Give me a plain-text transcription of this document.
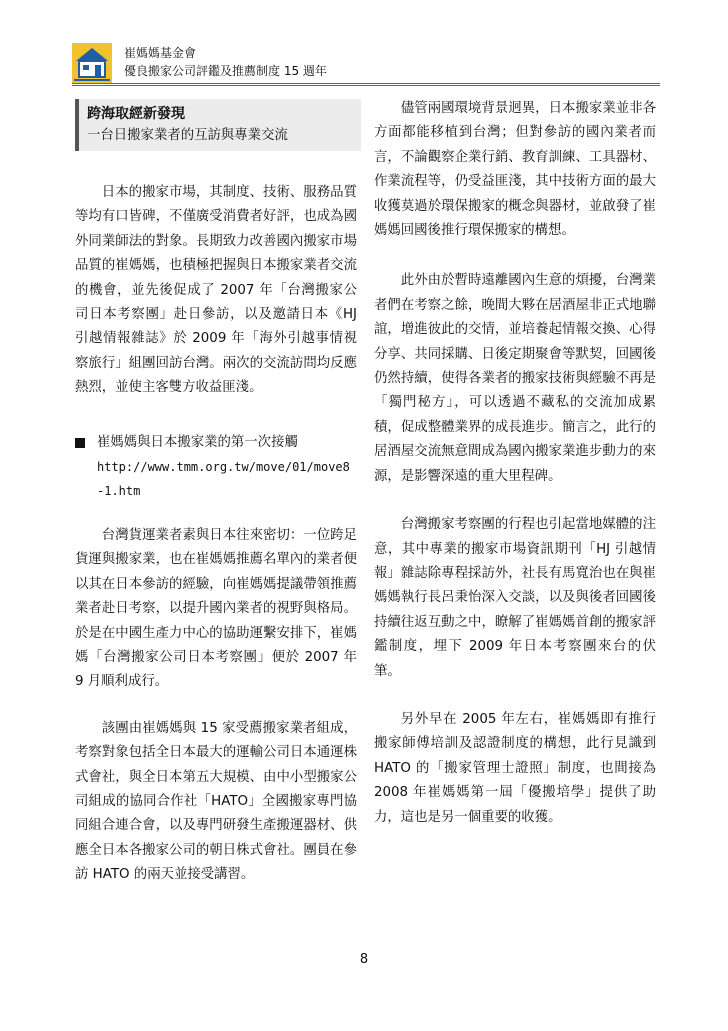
崔媽媽基金會
優良搬家公司評鑑及推薦制度 15 週年
跨海取經新發現
一台日搬家業者的互訪與專業交流

日本的搬家市場，其制度、技術、服務品質等均有口皆碑，不僅廣受消費者好評，也成為國外同業師法的對象。長期致力改善國內搬家市場品質的崔媽媽，也積極把握與日本搬家業者交流的機會，並先後促成了 2007 年「台灣搬家公司日本考察團」赴日參訪，以及邀請日本《HJ 引越情報雜誌》於 2009 年「海外引越事情視察旅行」組團回訪台灣。兩次的交流訪問均反應熱烈，並使主客雙方收益匪淺。

崔媽媽與日本搬家業的第一次接觸
http://www.tmm.org.tw/move/01/move8-1.htm

台灣貨運業者素與日本往來密切：一位跨足貨運與搬家業，也在崔媽媽推薦名單內的業者便以其在日本參訪的經驗，向崔媽媽提議帶領推薦業者赴日考察，以提升國內業者的視野與格局。於是在中國生產力中心的協助運繫安排下，崔媽媽「台灣搬家公司日本考察團」便於 2007 年 9 月順利成行。

該團由崔媽媽與 15 家受薦搬家業者組成，考察對象包括全日本最大的運輸公司日本通運株式會社，與全日本第五大規模、由中小型搬家公司組成的協同合作社「HATO」全國搬家專門協同組合連合會，以及專門研發生產搬運器材、供應全日本各搬家公司的朝日株式會社。團員在參訪 HATO 的兩天並接受講習。

儘管兩國環境背景迥異，日本搬家業並非各方面都能移植到台灣；但對參訪的國內業者而言，不論觀察企業行銷、教育訓練、工具器材、作業流程等，仍受益匪淺，其中技術方面的最大收獲莫過於環保搬家的概念與器材，並啟發了崔媽媽回國後推行環保搬家的構想。

此外由於暫時遠離國內生意的煩擾，台灣業者們在考察之餘，晚間大夥在居酒屋非正式地聯誼，增進彼此的交情，並培養起情報交換、心得分享、共同採購、日後定期聚會等默契，回國後仍然持續，使得各業者的搬家技術與經驗不再是「獨門秘方」，可以透過不藏私的交流加成累積，促成整體業界的成長進步。簡言之，此行的居酒屋交流無意間成為國內搬家業進步動力的來源，是影響深遠的重大里程碑。

台灣搬家考察團的行程也引起當地媒體的注意，其中專業的搬家市場資訊期刊「HJ 引越情報」雜誌除專程採訪外，社長有馬寬治也在與崔媽媽執行長呂秉怡深入交談，以及與後者回國後持續往返互動之中，瞭解了崔媽媽首創的搬家評鑑制度，埋下 2009 年日本考察團來台的伏筆。

另外早在 2005 年左右，崔媽媽即有推行搬家師傅培訓及認證制度的構想，此行見識到 HATO 的「搬家管理士證照」制度，也間接為 2008 年崔媽媽第一屆「優搬培學」提供了助力，這也是另一個重要的收獲。

8
